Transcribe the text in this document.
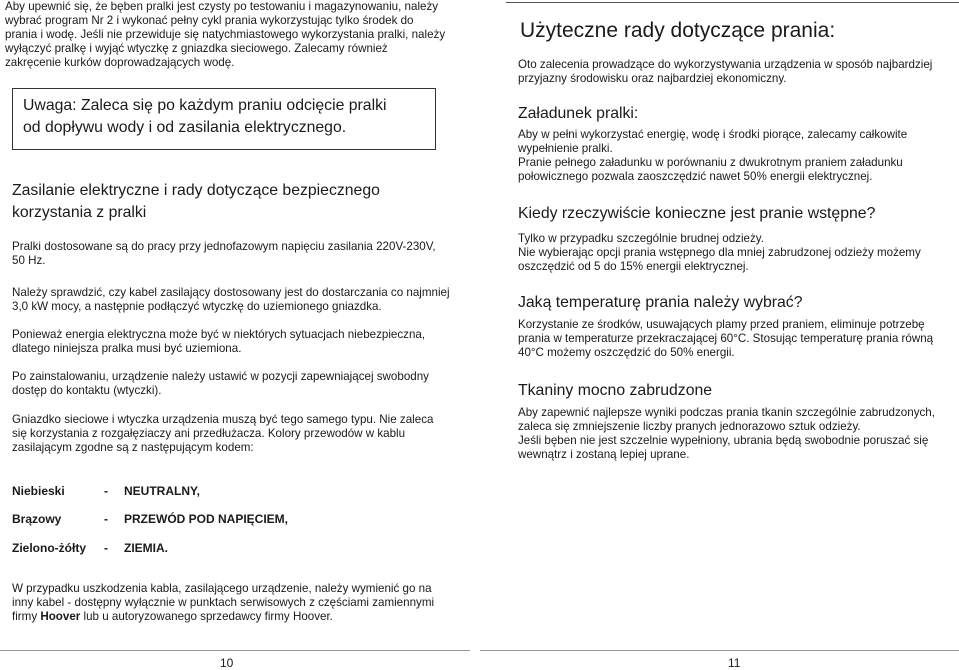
Aby upewnić się, że bęben pralki jest czysty po testowaniu i magazynowaniu, należy
wybrać program Nr 2 i wykonać pełny cykl prania wykorzystując tylko środek do
prania i wodę. Jeśli nie przewiduje się natychmiastowego wykorzystania pralki, należy
wyłączyć pralkę i wyjąć wtyczkę z gniazdka sieciowego. Zalecamy również
zakręcenie kurków doprowadzających wodę.
Uwaga: Zaleca się po każdym praniu odcięcie pralki
od dopływu wody i od zasilania elektrycznego.
Zasilanie elektryczne i rady dotyczące bezpiecznego
korzystania z pralki
Pralki dostosowane są do pracy przy jednofazowym napięciu zasilania 220V-230V,
50 Hz.
Należy sprawdzić, czy kabel zasilający dostosowany jest do dostarczania co najmniej
3,0 kW mocy, a następnie podłączyć wtyczkę do uziemionego gniazdka.
Ponieważ energia elektryczna może być w niektórych sytuacjach niebezpieczna,
dlatego niniejsza pralka musi być uziemiona.
Po zainstalowaniu, urządzenie należy ustawić w pozycji zapewniającej swobodny
dostęp do kontaktu (wtyczki).
Gniazdko sieciowe i wtyczka urządzenia muszą być tego samego typu. Nie zaleca
się korzystania z rozgałęziaczy ani przedłużacza. Kolory przewodów w kablu
zasilającym zgodne są z następującym kodem:
Niebieski	- NEUTRALNY,
Brązowy	- PRZEWÓD POD NAPIĘCIEM,
Zielono-żółty - ZIEMIA.
W przypadku uszkodzenia kabla, zasilającego urządzenie, należy wymienić go na
inny kabel - dostępny wyłącznie w punktach serwisowych z częściami zamiennymi
firmy Hoover lub u autoryzowanego sprzedawcy firmy Hoover.
10
Użyteczne rady dotyczące prania:
Oto zalecenia prowadzące do wykorzystywania urządzenia w sposób najbardziej
przyjazny środowisku oraz najbardziej ekonomiczny.
Załadunek pralki:
Aby w pełni wykorzystać energię, wodę i środki piorące, zalecamy całkowite
wypełnienie pralki.
Pranie pełnego załadunku w porównaniu z dwukrotnym praniem załadunku
połowicznego pozwala zaoszczędzić nawet 50% energii elektrycznej.
Kiedy rzeczywiście konieczne jest pranie wstępne?
Tylko w przypadku szczególnie brudnej odzieży.
Nie wybierając opcji prania wstępnego dla mniej zabrudzonej odzieży możemy
oszczędzić od 5 do 15% energii elektrycznej.
Jaką temperaturę prania należy wybrać?
Korzystanie ze środków, usuwających plamy przed praniem, eliminuje potrzebę
prania w temperaturze przekraczającej 60°C. Stosując temperaturę prania równą
40°C możemy oszczędzić do 50% energii.
Tkaniny mocno zabrudzone
Aby zapewnić najlepsze wyniki podczas prania tkanin szczególnie zabrudzonych,
zaleca się zmniejszenie liczby pranych jednorazowo sztuk odzieży.
Jeśli bęben nie jest szczelnie wypełniony, ubrania będą swobodnie poruszać się
wewnątrz i zostaną lepiej uprane.
11
